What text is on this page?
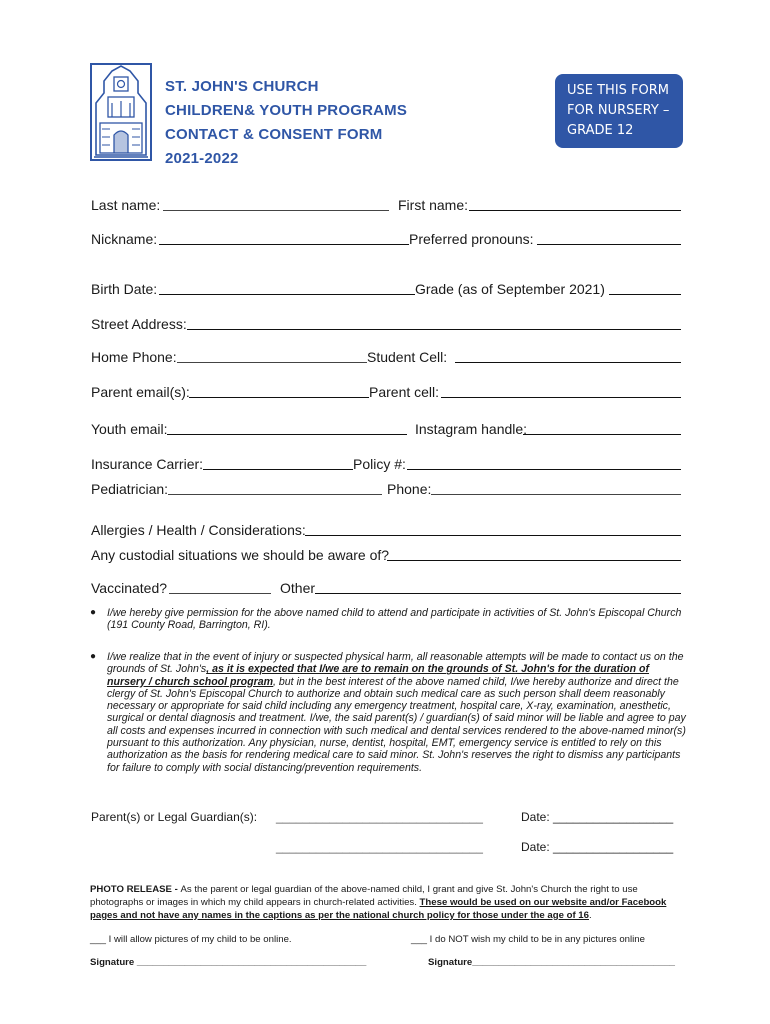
ST. JOHN'S CHURCH
CHILDREN& YOUTH PROGRAMS
CONTACT & CONSENT FORM
2021-2022
USE THIS FORM
FOR NURSERY –
GRADE 12
Last name:	First name:
Nickname:	Preferred pronouns:
Birth Date:	Grade (as of September 2021)
Street Address:
Home Phone:	Student Cell:
Parent email(s):	Parent cell:
Youth email:	Instagram handle:
Insurance Carrier:	Policy #:
Pediatrician:	Phone:
Allergies / Health / Considerations:
Any custodial situations we should be aware of?
Vaccinated?	Other
● I/we hereby give permission for the above named child to attend and participate in activities of St. John's Episcopal Church (191 County Road, Barrington, RI).
● I/we realize that in the event of injury or suspected physical harm, all reasonable attempts will be made to contact us on the grounds of St. John's, as it is expected that I/we are to remain on the grounds of St. John's for the duration of nursery / church school program, but in the best interest of the above named child, I/we hereby authorize and direct the clergy of St. John's Episcopal Church to authorize and obtain such medical care as such person shall deem reasonably necessary or appropriate for said child including any emergency treatment, hospital care, X-ray, examination, anesthetic, surgical or dental diagnosis and treatment. I/we, the said parent(s) / guardian(s) of said minor will be liable and agree to pay all costs and expenses incurred in connection with such medical and dental services rendered to the above-named minor(s) pursuant to this authorization. Any physician, nurse, dentist, hospital, EMT, emergency service is entitled to rely on this authorization as the basis for rendering medical care to said minor. St. John's reserves the right to dismiss any participants for failure to comply with social distancing/prevention requirements.
Parent(s) or Legal Guardian(s): _______________________________	Date: __________________
_______________________________	Date: __________________
PHOTO RELEASE - As the parent or legal guardian of the above-named child, I grant and give St. John's Church the right to use photographs or images in which my child appears in church-related activities. These would be used on our website and/or Facebook pages and not have any names in the captions as per the national church policy for those under the age of 16.
___ I will allow pictures of my child to be online.	___ I do NOT wish my child to be in any pictures online
Signature ___________________________________________	Signature______________________________________
